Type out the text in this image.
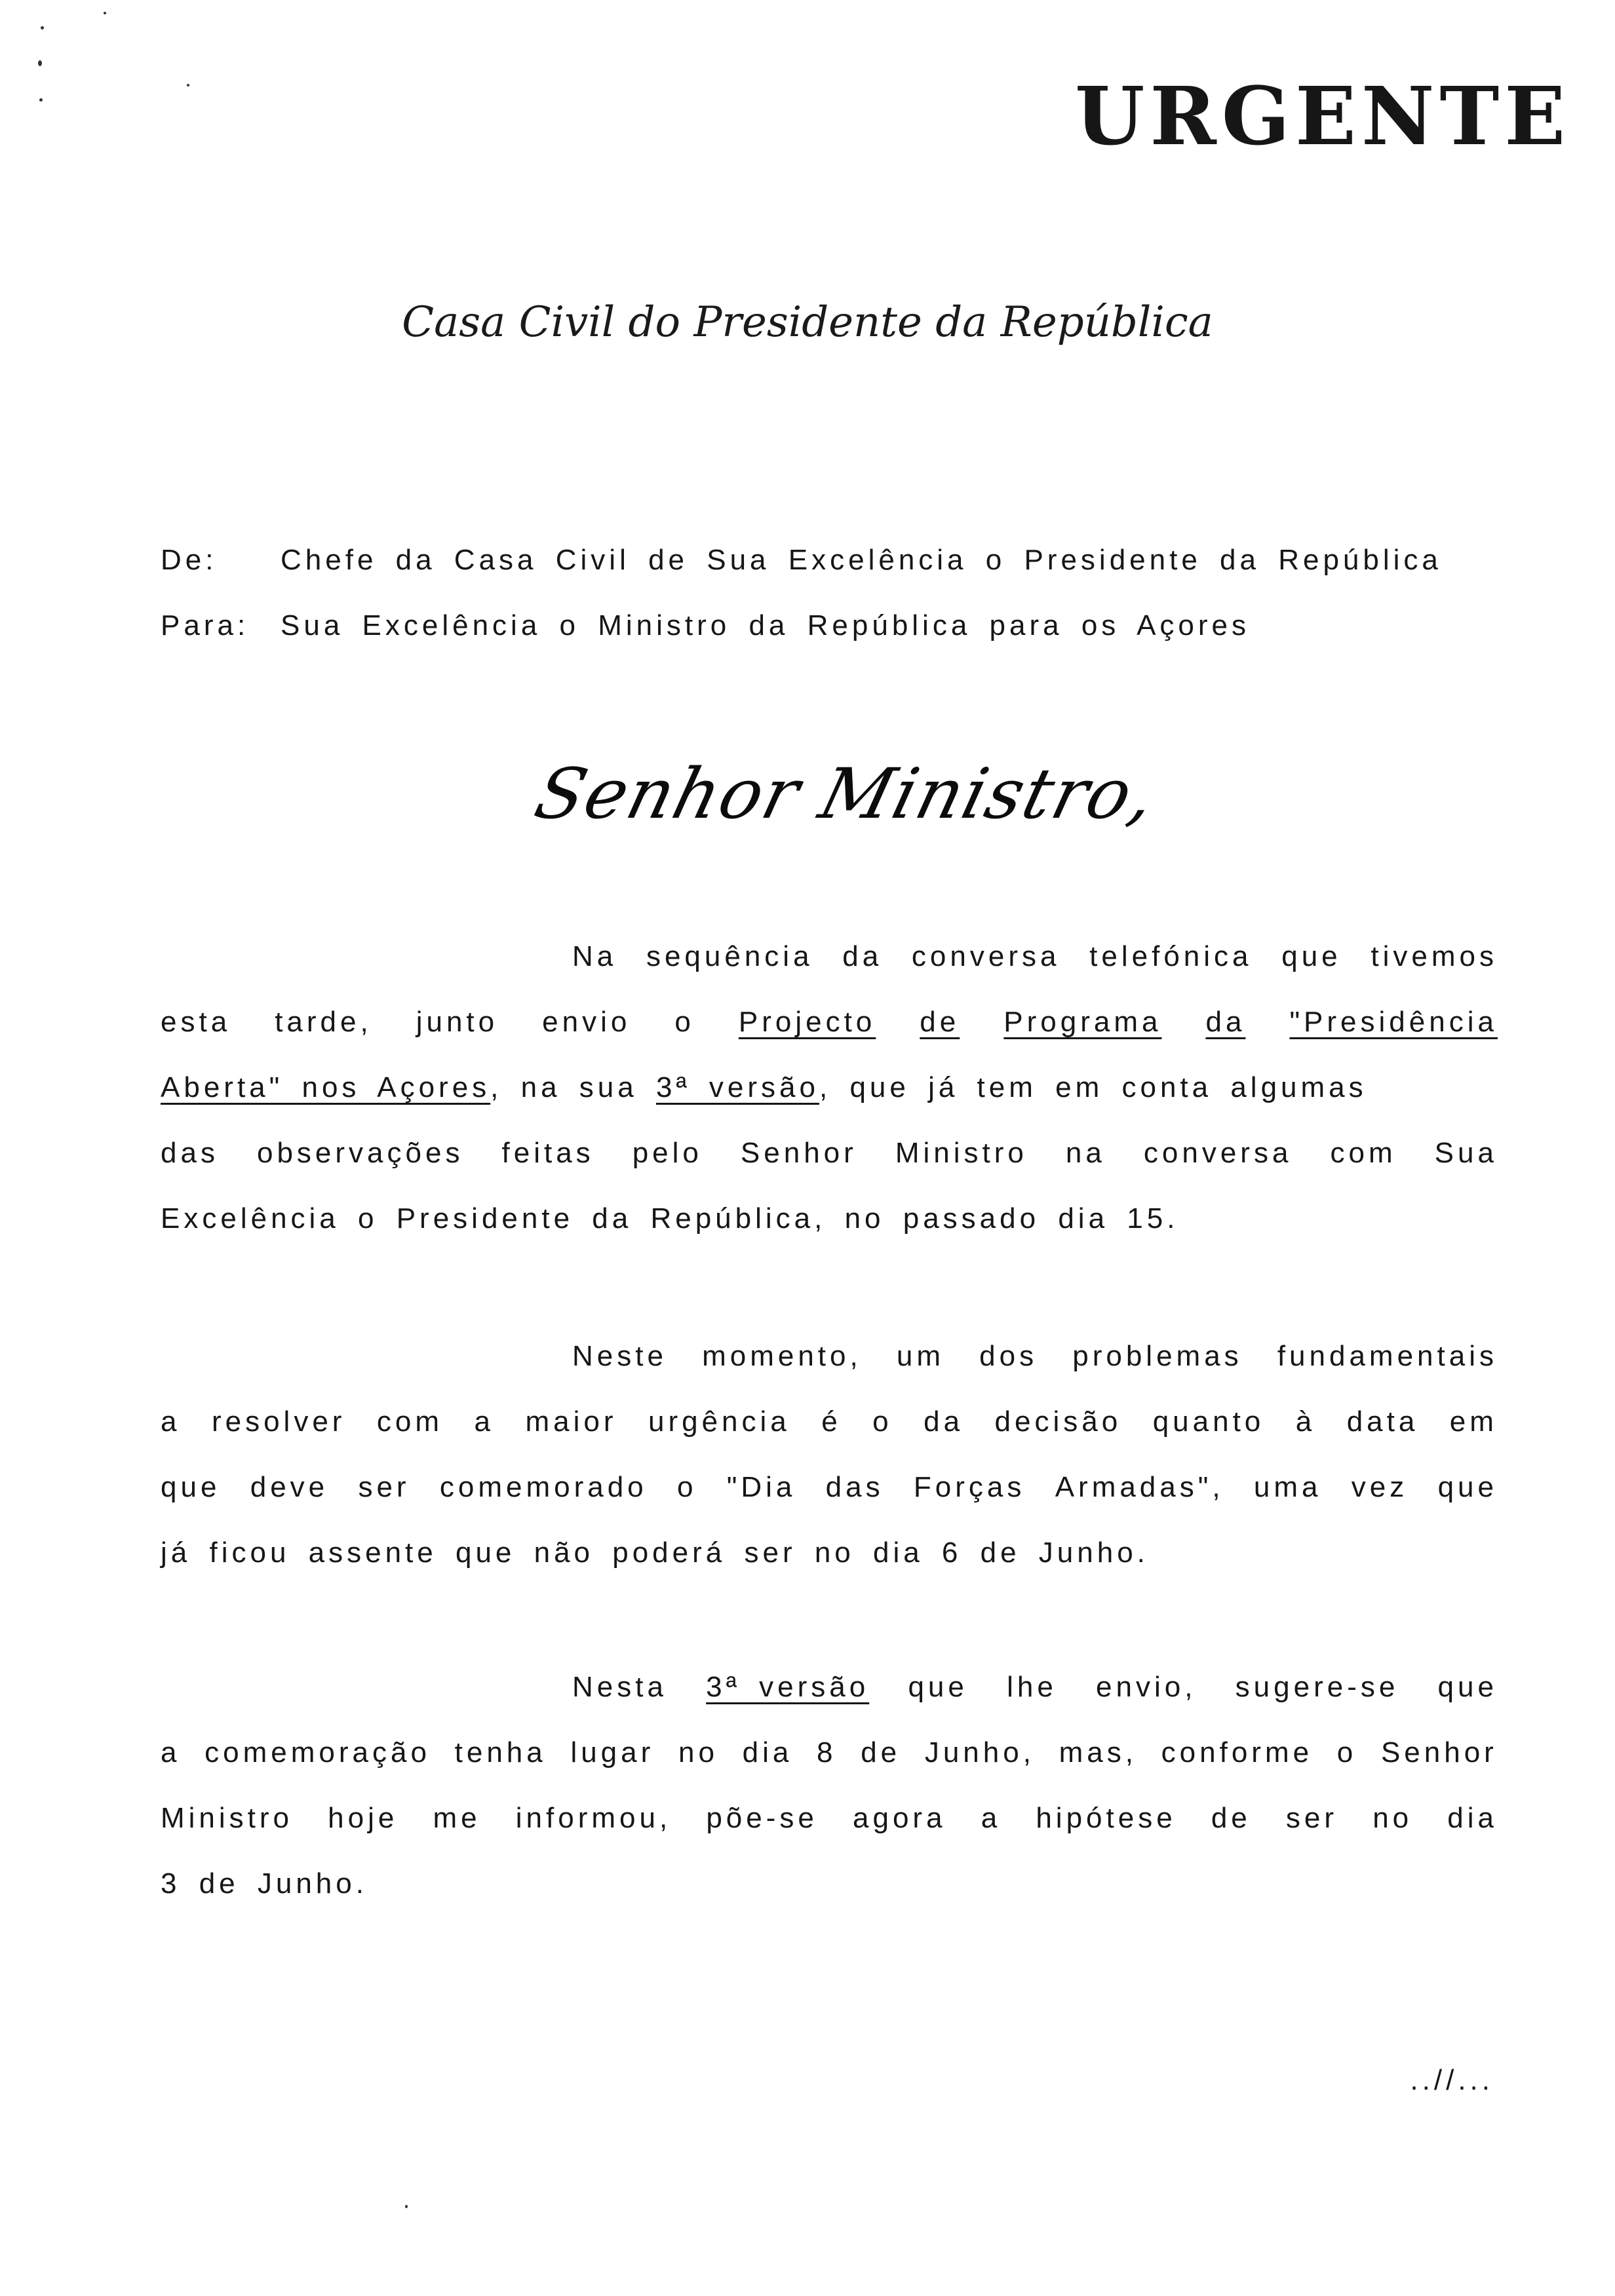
URGENTE
Casa Civil do Presidente da República
De: Chefe da Casa Civil de Sua Excelência o Presidente da República
Para: Sua Excelência o Ministro da República para os Açores
Senhor Ministro,
Na sequência da conversa telefónica que tivemos
esta tarde, junto envio o Projecto de Programa da "Presidência
Aberta" nos Açores, na sua 3ª versão, que já tem em conta algumas
das observações feitas pelo Senhor Ministro na conversa com Sua
Excelência o Presidente da República, no passado dia 15.
Neste momento, um dos problemas fundamentais
a resolver com a maior urgência é o da decisão quanto à data em
que deve ser comemorado o "Dia das Forças Armadas", uma vez que
já ficou assente que não poderá ser no dia 6 de Junho.
Nesta 3ª versão que lhe envio, sugere-se que
a comemoração tenha lugar no dia 8 de Junho, mas, conforme o Senhor
Ministro hoje me informou, põe-se agora a hipótese de ser no dia
3 de Junho.
..//...
